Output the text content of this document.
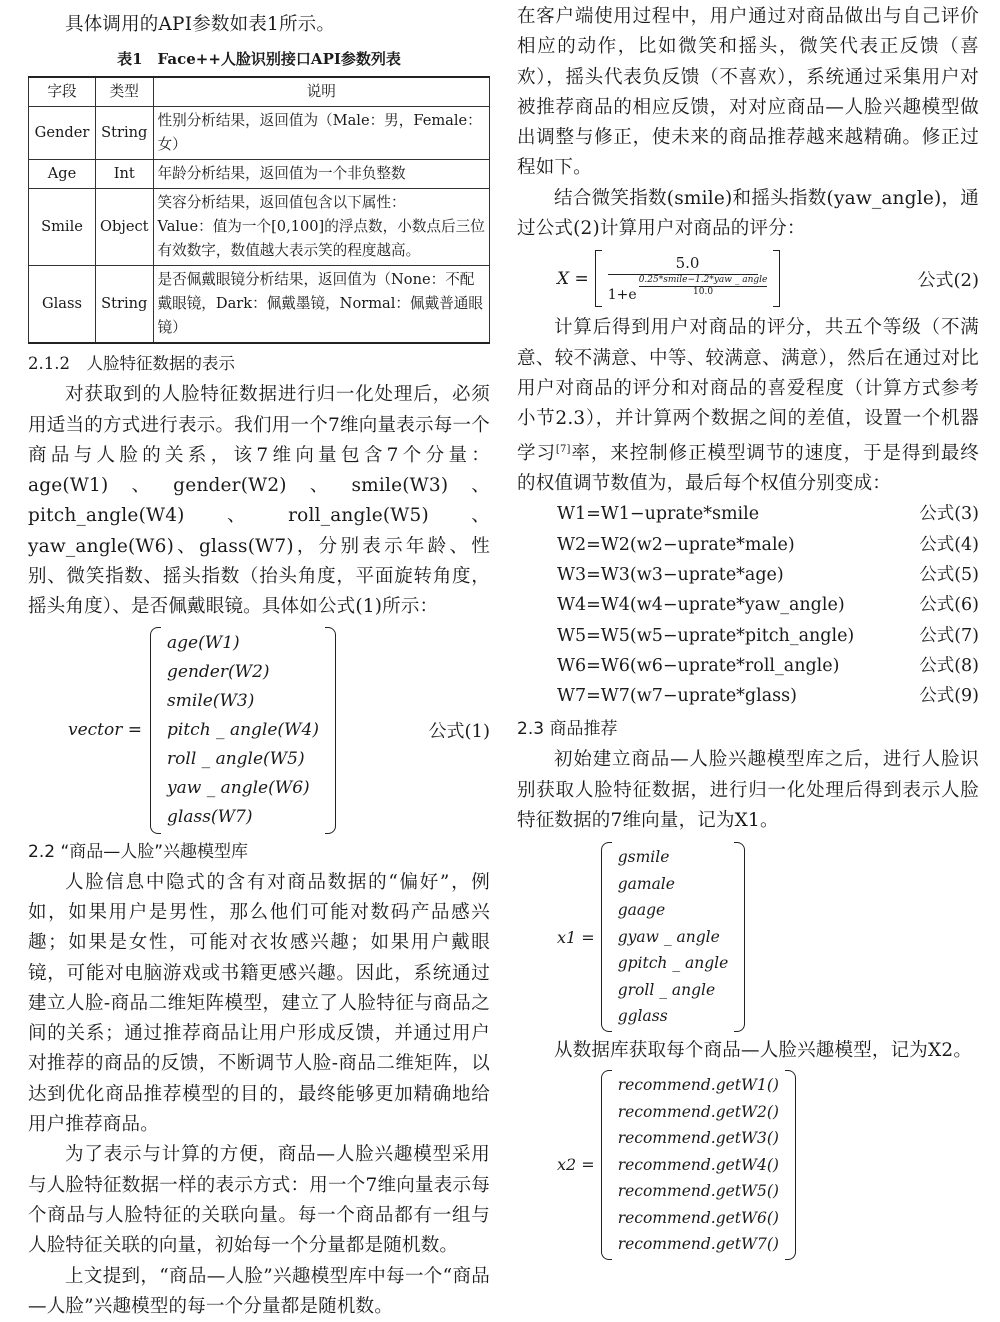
具体调用的API参数如表1所示。

表1　Face++人脸识别接口API参数列表
字段	类型	说明
Gender	String	性别分析结果，返回值为（Male：男，Female：女）
Age	Int	年龄分析结果，返回值为一个非负整数
Smile	Object	笑容分析结果，返回值包含以下属性：
Value：值为一个[0,100]的浮点数，小数点后三位
有效数字，数值越大表示笑的程度越高。

Glass	String	是否佩戴眼镜分析结果，返回值为（None：不配
戴眼镜，Dark：佩戴墨镜，Normal：佩戴普通眼镜）
2.1.2　人脸特征数据的表示

对获取到的人脸特征数据进行归一化处理后，必须用适当的方式进行表示。我们用一个7维向量表示每一个商品与人脸的关系，该7维向量包含7个分量：age(W1)、gender(W2)、smile(W3)、pitch_angle(W4)、roll_angle(W5)、yaw_angle(W6)、glass(W7)，分别表示年龄、性别、微笑指数、摇头指数（抬头角度，平面旋转角度，摇头角度）、是否佩戴眼镜。具体如公式(1)所示：

vector =
age(W1)
gender(W2)
smile(W3)
pitch _ angle(W4)
roll _ angle(W5)
yaw _ angle(W6)
glass(W7)
公式(1)
2.2 “商品—人脸”兴趣模型库

人脸信息中隐式的含有对商品数据的“偏好”，例如，如果用户是男性，那么他们可能对数码产品感兴趣；如果是女性，可能对衣妆感兴趣；如果用户戴眼镜，可能对电脑游戏或书籍更感兴趣。因此，系统通过建立人脸-商品二维矩阵模型，建立了人脸特征与商品之间的关系；通过推荐商品让用户形成反馈，并通过用户对推荐的商品的反馈，不断调节人脸-商品二维矩阵，以达到优化商品推荐模型的目的，最终能够更加精确地给用户推荐商品。

为了表示与计算的方便，商品—人脸兴趣模型采用与人脸特征数据一样的表示方式：用一个7维向量表示每个商品与人脸特征的关联向量。每一个商品都有一组与人脸特征关联的向量，初始每一个分量都是随机数。

上文提到，“商品—人脸”兴趣模型库中每一个“商品—人脸”兴趣模型的每一个分量都是随机数。

在客户端使用过程中，用户通过对商品做出与自己评价相应的动作，比如微笑和摇头，微笑代表正反馈（喜欢），摇头代表负反馈（不喜欢），系统通过采集用户对被推荐商品的相应反馈，对对应商品—人脸兴趣模型做出调整与修正，使未来的商品推荐越来越精确。修正过程如下。

结合微笑指数(smile)和摇头指数(yaw_angle)，通过公式(2)计算用户对商品的评分：

X =
5.0
1+e
0.25*smile−1.2*yaw _ angle
10.0
公式(2)

计算后得到用户对商品的评分，共五个等级（不满意、较不满意、中等、较满意、满意），然后在通过对比用户对商品的评分和对商品的喜爱程度（计算方式参考小节2.3），并计算两个数据之间的差值，设置一个机器学习[7]率，来控制修正模型调节的速度，于是得到最终的权值调节数值为，最后每个权值分别变成：

W1=W1−uprate*smile	公式(3)
W2=W2(w2−uprate*male)	公式(4)
W3=W3(w3−uprate*age)	公式(5)
W4=W4(w4−uprate*yaw_angle)	公式(6)
W5=W5(w5−uprate*pitch_angle)	公式(7)
W6=W6(w6−uprate*roll_angle)	公式(8)
W7=W7(w7−uprate*glass)	公式(9)
2.3 商品推荐

初始建立商品—人脸兴趣模型库之后，进行人脸识别获取人脸特征数据，进行归一化处理后得到表示人脸特征数据的7维向量，记为X1。

x1 =
gsmile
gamale
gaage
gyaw _ angle
gpitch _ angle
groll _ angle
gglass

从数据库获取每个商品—人脸兴趣模型，记为X2。

x2 =
recommend.getW1()
recommend.getW2()
recommend.getW3()
recommend.getW4()
recommend.getW5()
recommend.getW6()
recommend.getW7()
